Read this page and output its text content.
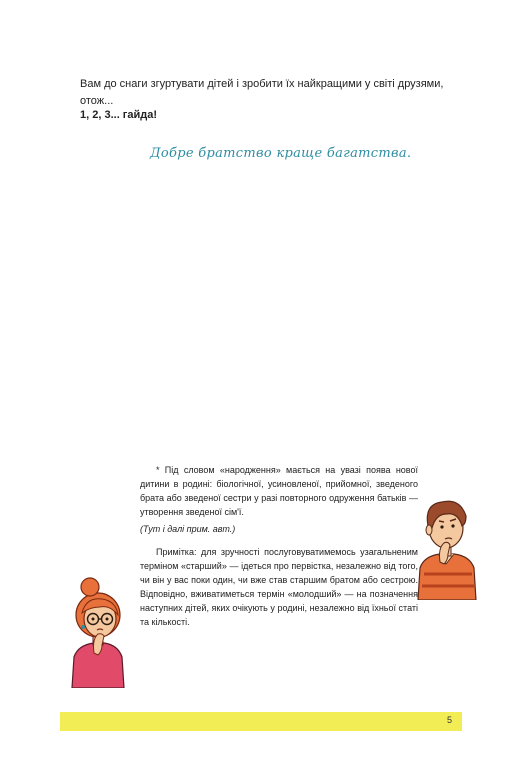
Вам до снаги згуртувати дітей і зробити їх найкращими у світі друзями,

отож...

1, 2, 3... гайда!
Добре братство краще багатства.

* Під словом «народження» мається на увазі поява нової дитини в родині: біологічної, усиновленої, прийомної, зведеного брата або зведеної сестри у разі повторного одруження батьків — утворення зведеної сім'ї.

(Тут і далі прим. авт.)

Примітка: для зручності послуговуватимемось узагальненим терміном «старший» — ідеться про первістка, незалежно від того, чи він у вас поки один, чи вже став старшим братом або сестрою. Відповідно, вживатиметься термін «молодший» — на позначення наступних дітей, яких очікують у родині, незалежно від їхньої статі та кількості.

5
